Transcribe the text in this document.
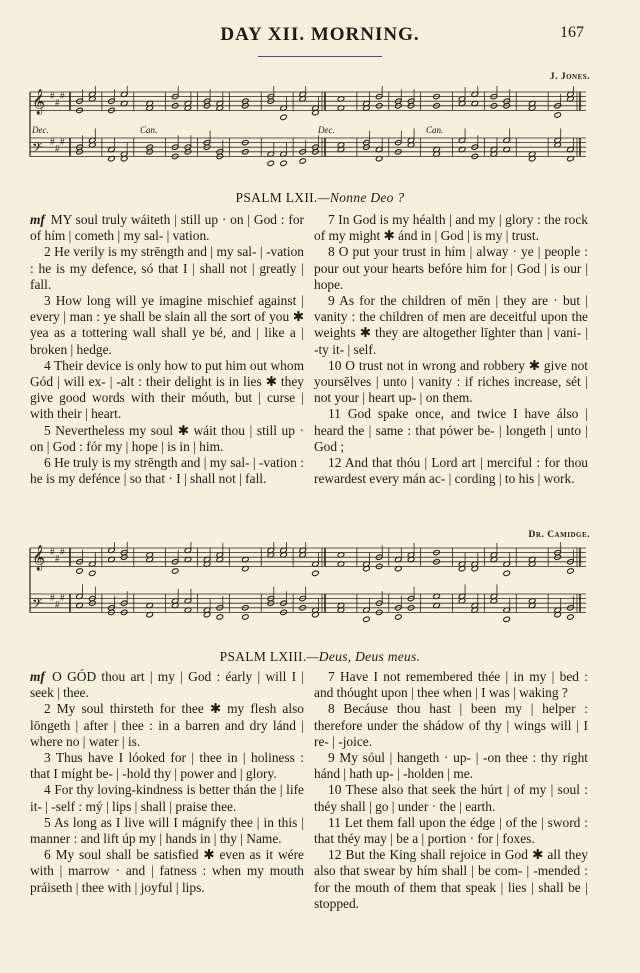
DAY XII. MORNING.	167
J. Jones.
𝄞 #
#
#
𝄢 #
#
#
Dec.	Can.	Dec.	Can.
PSALM LXII.—Nonne Deo ?

mf MY soul truly wáiteth | still up · on | God : for of hím | cometh | my sal- | vation.

2 He verily is my strēngth and | my sal- | -vation : he is my defence, só that I | shall not | greatly | fall.

3 How long will ye imagine mischief against | every | man : ye shall be slain all the sort of you ✱ yea as a tottering wall shall ye bé, and | like a | broken | hedge.

4 Their device is only how to put him out whom Gód | will ex- | -alt : their delight is in lies ✱ they give good words with their móuth, but | curse | with their | heart.

5 Nevertheless my soul ✱ wáit thou | still up · on | God : fór my | hope | is in | him.

6 He truly is my strēngth and | my sal- | -vation : he is my defénce | so that · I | shall not | fall.

7 In God is my héalth | and my | glory : the rock of my might ✱ ánd in | God | is my | trust.

8 O put your trust in hím | alway · ye | people : pour out your hearts befóre him for | God | is our | hope.

9 As for the children of mēn | they are · but | vanity : the children of men are deceitful upon the weights ✱ they are altogether līghter than | vani- | -ty it- | self.

10 O trust not in wrong and robbery ✱ give not yoursēlves | unto | vanity : if riches increase, sét | not your | heart up- | on them.

11 God spake once, and twice I have álso | heard the | same : that pówer be- | longeth | unto | God ;

12 And that thóu | Lord art | merciful : for thou rewardest every mán ac- | cording | to his | work.

Dr. Camidge.
𝄞 #
#
#
𝄢 #
#
#
PSALM LXIII.—Deus, Deus meus.

mf O GÓD thou art | my | God : éarly | will I | seek | thee.

2 My soul thirsteth for thee ✱ my flesh also lōngeth | after | thee : in a barren and dry lánd | where no | water | is.

3 Thus have I lóoked for | thee in | holiness : that I míght be- | -hold thy | power and | glory.

4 For thy loving-kindness is better thán the | life it- | -self : mý | lips | shall | praise thee.

5 As long as I live will I mágnify thee | in this | manner : and lift úp my | hands in | thy | Name.

6 My soul shall be satisfied ✱ even as it wére with | marrow · and | fatness : when my mouth práiseth | thee with | joyful | lips.

7 Have I not remembered thée | in my | bed : and thóught upon | thee when | I was | waking ?

8 Becáuse thou hast | been my | helper : therefore under the shádow of thy | wings will | I re- | -joice.

9 My sóul | hangeth · up- | -on thee : thy right hánd | hath up- | -holden | me.

10 These also that seek the húrt | of my | soul : théy shall | go | under · the | earth.

11 Let them fall upon the édge | of the | sword : that théy may | be a | portion · for | foxes.

12 But the King shall rejoice in God ✱ all they also that swear by hím shall | be com- | -mended : for the mouth of them that speak | lies | shall be | stopped.
